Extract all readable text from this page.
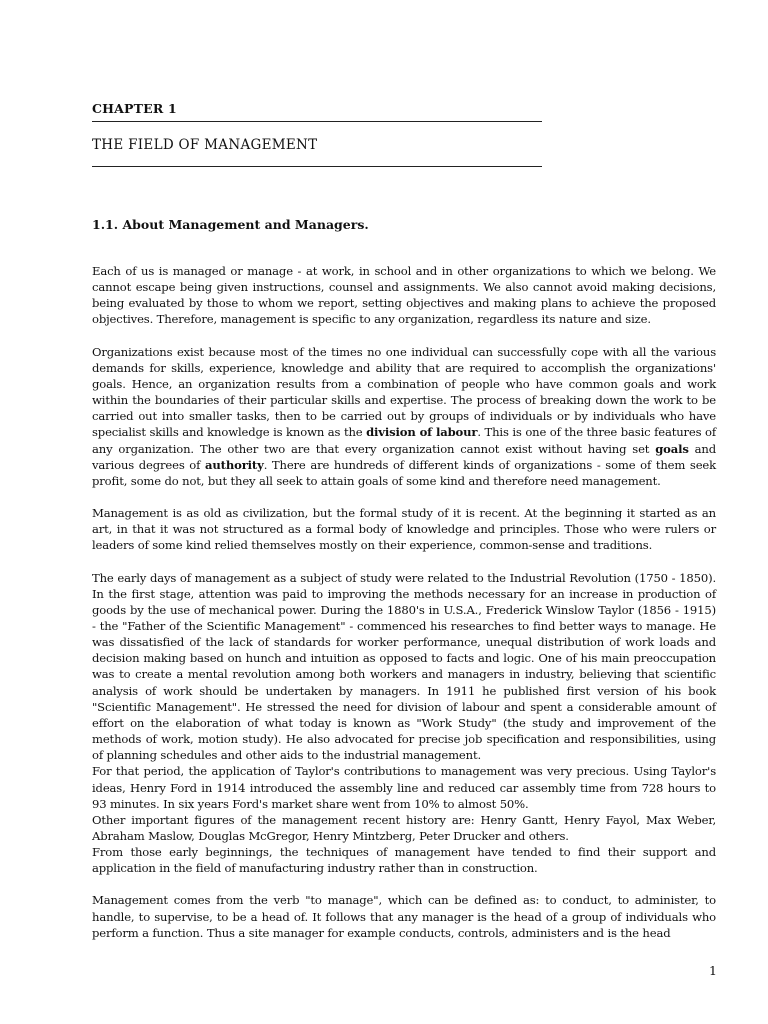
CHAPTER 1
THE FIELD OF MANAGEMENT
1.1. About Management and Managers.

Each of us is managed or manage - at work, in school and in other organizations to which we belong. We cannot escape being given instructions, counsel and assignments. We also cannot avoid making decisions, being evaluated by those to whom we report, setting objectives and making plans to achieve the proposed objectives. Therefore, management is specific to any organization, regardless its nature and size.

Organizations exist because most of the times no one individual can successfully cope with all the various demands for skills, experience, knowledge and ability that are required to accomplish the organizations' goals. Hence, an organization results from a combination of people who have common goals and work within the boundaries of their particular skills and expertise. The process of breaking down the work to be carried out into smaller tasks, then to be carried out by groups of individuals or by individuals who have specialist skills and knowledge is known as the division of labour. This is one of the three basic features of any organization. The other two are that every organization cannot exist without having set goals and various degrees of authority. There are hundreds of different kinds of organizations - some of them seek profit, some do not, but they all seek to attain goals of some kind and therefore need management.

Management is as old as civilization, but the formal study of it is recent. At the beginning it started as an art, in that it was not structured as a formal body of knowledge and principles. Those who were rulers or leaders of some kind relied themselves mostly on their experience, common-sense and traditions.

The early days of management as a subject of study were related to the Industrial Revolution (1750 - 1850). In the first stage, attention was paid to improving the methods necessary for an increase in production of goods by the use of mechanical power. During the 1880's in U.S.A., Frederick Winslow Taylor (1856 - 1915) - the "Father of the Scientific Management" - commenced his researches to find better ways to manage. He was dissatisfied of the lack of standards for worker performance, unequal distribution of work loads and decision making based on hunch and intuition as opposed to facts and logic. One of his main preoccupation was to create a mental revolution among both workers and managers in industry, believing that scientific analysis of work should be undertaken by managers. In 1911 he published first version of his book "Scientific Management". He stressed the need for division of labour and spent a considerable amount of effort on the elaboration of what today is known as "Work Study" (the study and improvement of the methods of work, motion study). He also advocated for precise job specification and responsibilities, using of planning schedules and other aids to the industrial management.

For that period, the application of Taylor's contributions to management was very precious. Using Taylor's ideas, Henry Ford in 1914 introduced the assembly line and reduced car assembly time from 728 hours to 93 minutes. In six years Ford's market share went from 10% to almost 50%.

Other important figures of the management recent history are: Henry Gantt, Henry Fayol, Max Weber, Abraham Maslow, Douglas McGregor, Henry Mintzberg, Peter Drucker and others.

From those early beginnings, the techniques of management have tended to find their support and application in the field of manufacturing industry rather than in construction.

Management comes from the verb "to manage", which can be defined as: to conduct, to administer, to handle, to supervise, to be a head of. It follows that any manager is the head of a group of individuals who perform a function. Thus a site manager for example conducts, controls, administers and is the head

1
